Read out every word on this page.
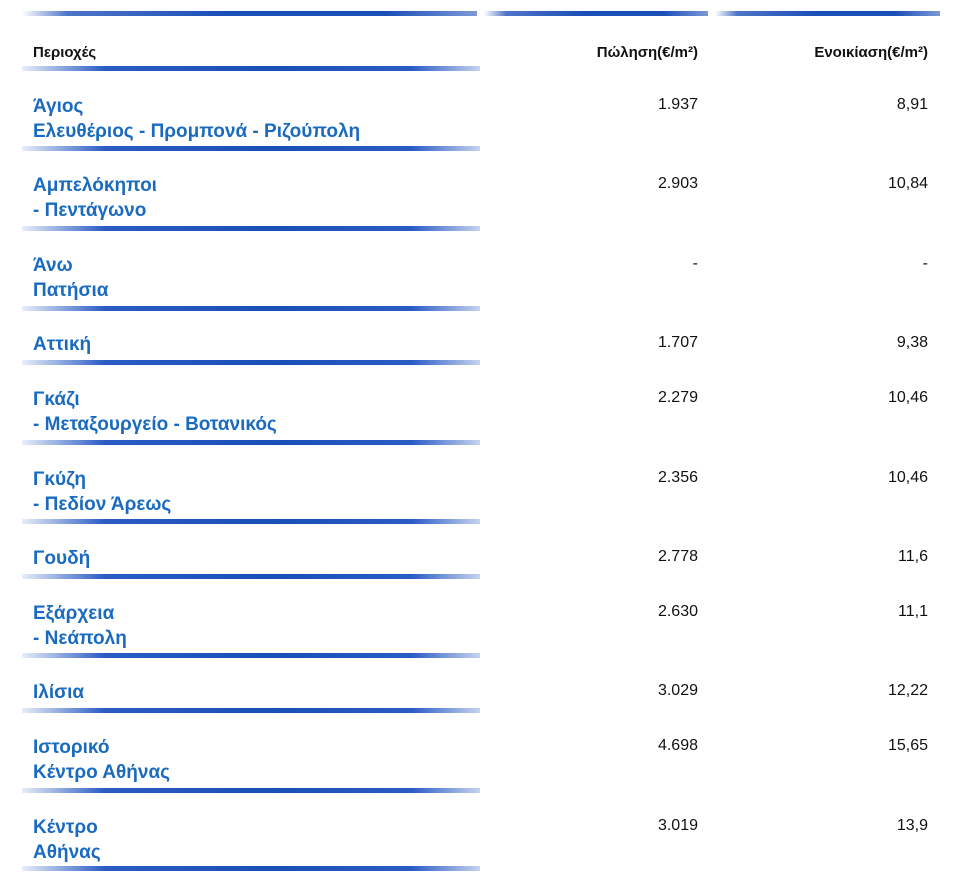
Περιοχές	Πώληση(€/m²)	Ενοικίαση(€/m²)
Άγιος
Ελευθέριος - Προμπονά - Ριζούπολη
1.937	8,91
Αμπελόκηποι
- Πεντάγωνο
2.903	10,84
Άνω
Πατήσια
-	-
Αττική	1.707	9,38
Γκάζι
- Μεταξουργείο - Βοτανικός
2.279	10,46
Γκύζη
- Πεδίον Άρεως
2.356	10,46
Γουδή	2.778	11,6
Εξάρχεια
- Νεάπολη
2.630	11,1
Ιλίσια	3.029	12,22
Ιστορικό
Κέντρο Αθήνας
4.698	15,65
Κέντρο
Αθήνας
3.019	13,9
